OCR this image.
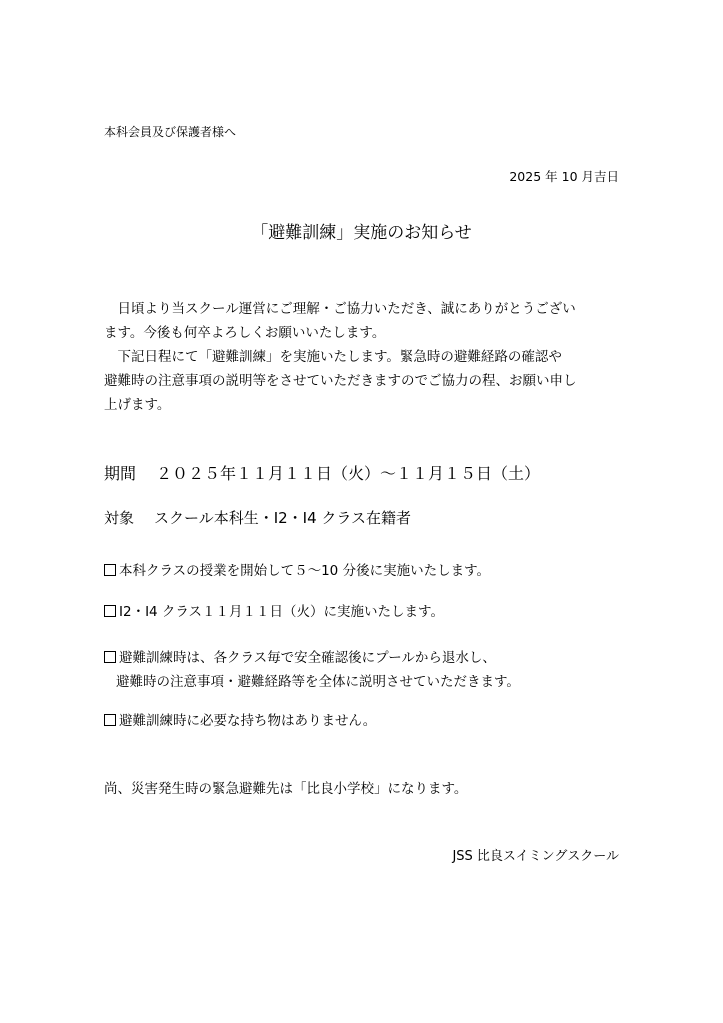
本科会員及び保護者様へ
2025 年 10 月吉日
「避難訓練」実施のお知らせ

　日頃より当スクール運営にご理解・ご協力いただき、誠にありがとうござい

ます。今後も何卒よろしくお願いいたします。

　下記日程にて「避難訓練」を実施いたします。緊急時の避難経路の確認や

避難時の注意事項の説明等をさせていただきますのでご協力の程、お願い申し

上げます。

期間 ２０２５年１１月１１日（火）～１１月１５日（土）
対象 スクール本科生・I2・I4 クラス在籍者
本科クラスの授業を開始して５～10 分後に実施いたします。
I2・I4 クラス１１月１１日（火）に実施いたします。
避難訓練時は、各クラス毎で安全確認後にプールから退水し、
避難時の注意事項・避難経路等を全体に説明させていただきます。
避難訓練時に必要な持ち物はありません。
尚、災害発生時の緊急避難先は「比良小学校」になります。
JSS 比良スイミングスクール
